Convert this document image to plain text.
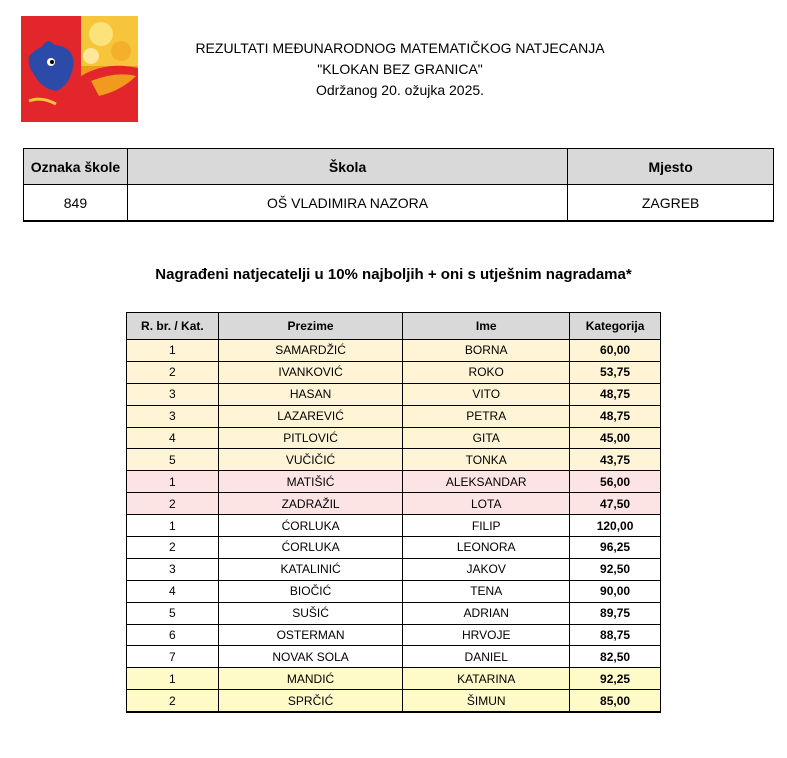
REZULTATI MEĐUNARODNOG MATEMATIČKOG NATJECANJA
"KLOKAN BEZ GRANICA"
Održanog 20. ožujka 2025.
Oznaka škole	Škola	Mjesto
849	OŠ VLADIMIRA NAZORA	ZAGREB
Nagrađeni natjecatelji u 10% najboljih + oni s utješnim nagradama*
R. br. / Kat.	Prezime	Ime	Kategorija
1	SAMARDŽIĆ	BORNA	60,00
2	IVANKOVIĆ	ROKO	53,75
3	HASAN	VITO	48,75
3	LAZAREVIĆ	PETRA	48,75
4	PITLOVIĆ	GITA	45,00
5	VUČIČIĆ	TONKA	43,75
1	MATIŠIĆ	ALEKSANDAR	56,00
2	ZADRAŽIL	LOTA	47,50
1	ĆORLUKA	FILIP	120,00
2	ĆORLUKA	LEONORA	96,25
3	KATALINIĆ	JAKOV	92,50
4	BIOČIĆ	TENA	90,00
5	SUŠIĆ	ADRIAN	89,75
6	OSTERMAN	HRVOJE	88,75
7	NOVAK SOLA	DANIEL	82,50
1	MANDIĆ	KATARINA	92,25
2	SPRČIĆ	ŠIMUN	85,00
